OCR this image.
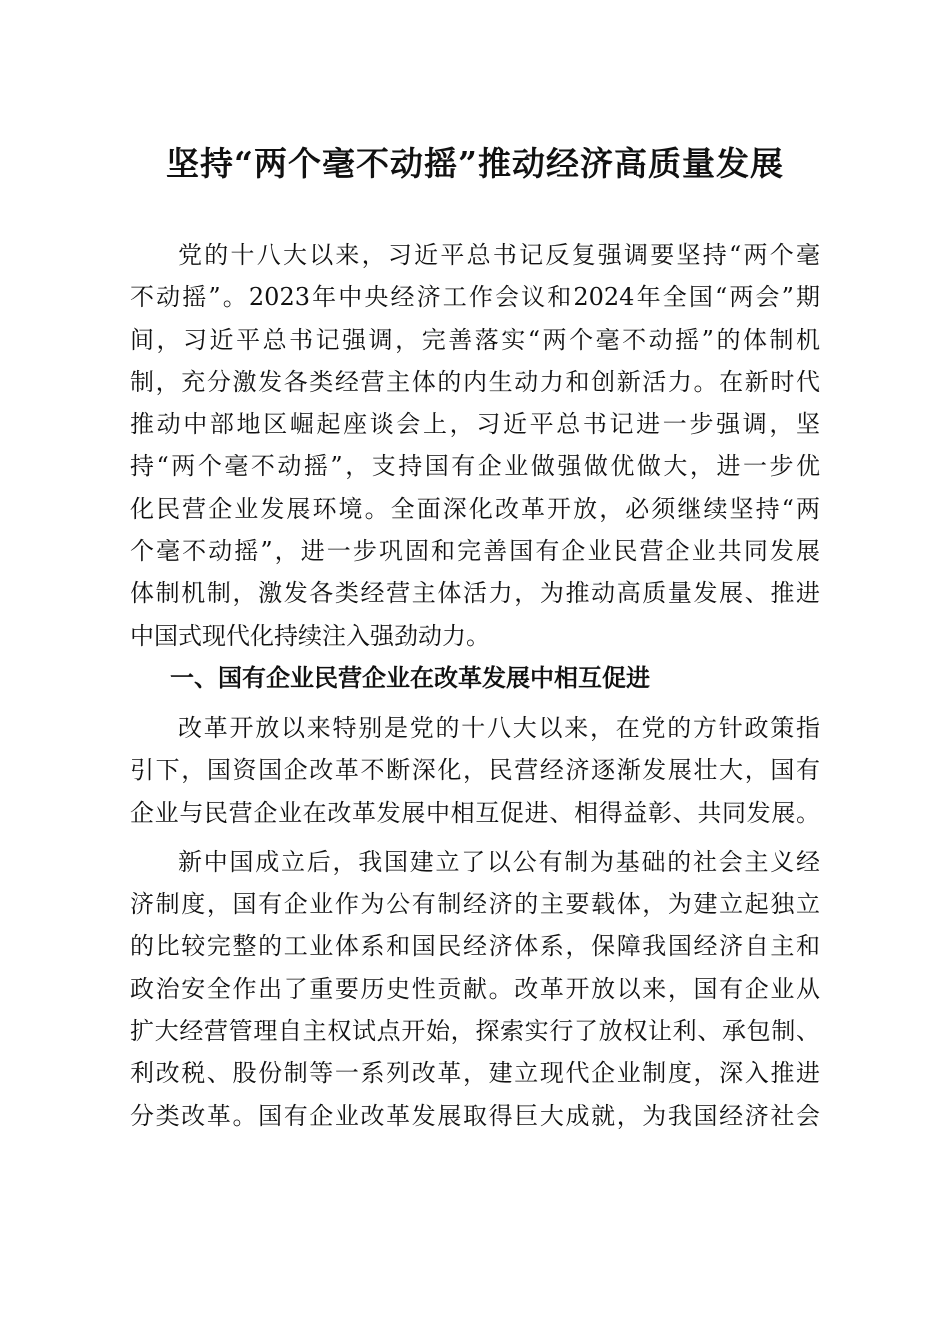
坚持“两个毫不动摇”推动经济高质量发展
党的十八大以来，习近平总书记反复强调要坚持“两个毫
不动摇”。2023年中央经济工作会议和2024年全国“两会”期
间，习近平总书记强调，完善落实“两个毫不动摇”的体制机
制，充分激发各类经营主体的内生动力和创新活力。在新时代
推动中部地区崛起座谈会上，习近平总书记进一步强调，坚
持“两个毫不动摇”，支持国有企业做强做优做大，进一步优
化民营企业发展环境。全面深化改革开放，必须继续坚持“两
个毫不动摇”，进一步巩固和完善国有企业民营企业共同发展
体制机制，激发各类经营主体活力，为推动高质量发展、推进
中国式现代化持续注入强劲动力。
一、国有企业民营企业在改革发展中相互促进
改革开放以来特别是党的十八大以来，在党的方针政策指
引下，国资国企改革不断深化，民营经济逐渐发展壮大，国有
企业与民营企业在改革发展中相互促进、相得益彰、共同发展。
新中国成立后，我国建立了以公有制为基础的社会主义经
济制度，国有企业作为公有制经济的主要载体，为建立起独立
的比较完整的工业体系和国民经济体系，保障我国经济自主和
政治安全作出了重要历史性贡献。改革开放以来，国有企业从
扩大经营管理自主权试点开始，探索实行了放权让利、承包制、
利改税、股份制等一系列改革，建立现代企业制度，深入推进
分类改革。国有企业改革发展取得巨大成就，为我国经济社会
